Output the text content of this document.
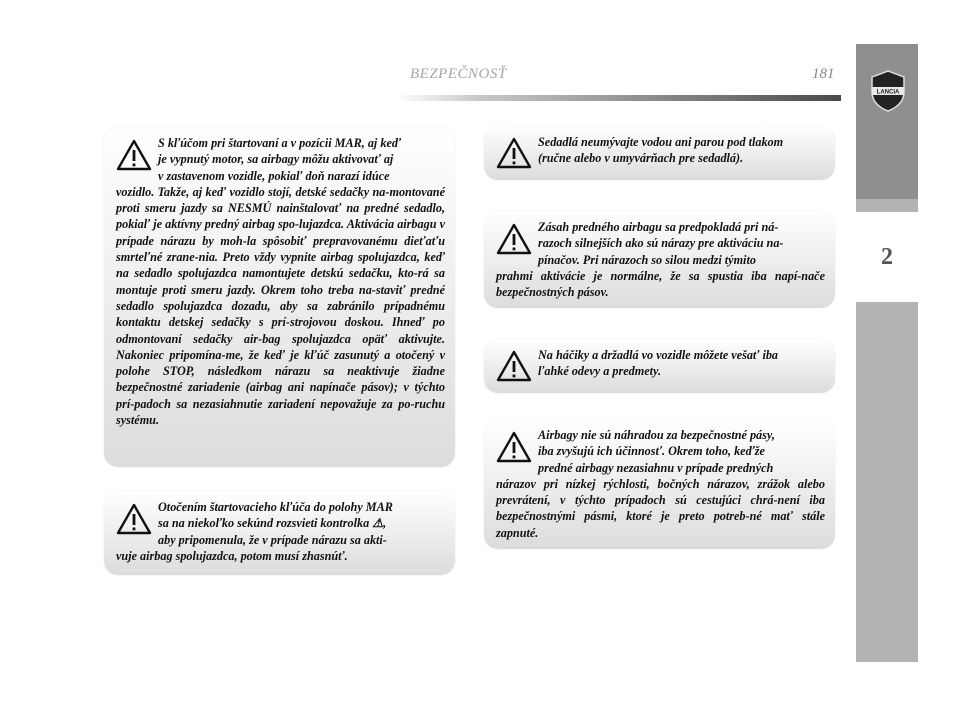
BEZPEČNOSŤ	181
LANCIA
2
S kľúčom pri štartovaní a v pozícii MAR, aj keď
je vypnutý motor, sa airbagy môžu aktivovať aj
v zastavenom vozidle, pokiaľ doň narazí idúce
vozidlo. Takže, aj keď vozidlo stojí, detské sedačky na-montované proti smeru jazdy sa NESMÚ nainštalovať na predné sedadlo, pokiaľ je aktívny predný airbag spo-lujazdca. Aktivácia airbagu v prípade nárazu by moh-la spôsobiť prepravovanému dieťaťu smrteľné zrane-nia. Preto vždy vypnite airbag spolujazdca, keď na sedadlo spolujazdca namontujete detskú sedačku, kto-rá sa montuje proti smeru jazdy. Okrem toho treba na-staviť predné sedadlo spolujazdca dozadu, aby sa zabránilo prípadnému kontaktu detskej sedačky s prí-strojovou doskou. Ihneď po odmontovaní sedačky air-bag spolujazdca opäť aktivujte. Nakoniec pripomína-me, že keď je kľúč zasunutý a otočený v polohe STOP, následkom nárazu sa neaktivuje žiadne bezpečnostné zariadenie (airbag ani napínače pásov); v týchto prí-padoch sa nezasiahnutie zariadení nepovažuje za po-ruchu systému.
Otočením štartovacieho kľúča do polohy MAR
sa na niekoľko sekúnd rozsvieti kontrolka ⚠,
aby pripomenula, že v prípade nárazu sa akti-
vuje airbag spolujazdca, potom musí zhasnúť.
Sedadlá neumývajte vodou ani parou pod tlakom
(ručne alebo v umyvárňach pre sedadlá).
Zásah predného airbagu sa predpokladá pri ná-
razoch silnejších ako sú nárazy pre aktiváciu na-
pínačov. Pri nárazoch so silou medzi týmito
prahmi aktivácie je normálne, že sa spustia iba napí-nače bezpečnostných pásov.
Na háčiky a držadlá vo vozidle môžete vešať iba
ľahké odevy a predmety.
Airbagy nie sú náhradou za bezpečnostné pásy,
iba zvyšujú ich účinnosť. Okrem toho, keďže
predné airbagy nezasiahnu v prípade predných
nárazov pri nízkej rýchlosti, bočných nárazov, zrážok alebo prevrátení, v týchto prípadoch sú cestujúci chrá-není iba bezpečnostnými pásmi, ktoré je preto potreb-né mať stále zapnuté.
